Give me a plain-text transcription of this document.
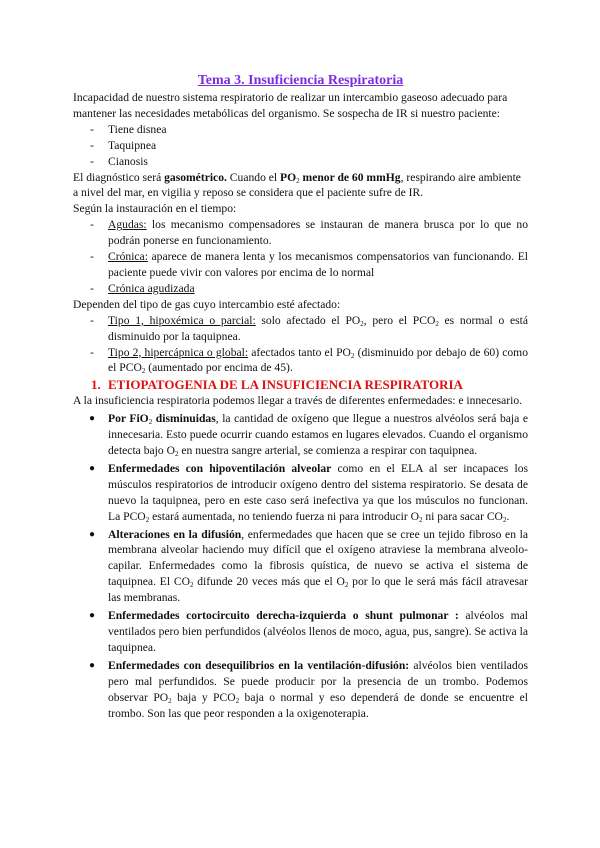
Tema 3. Insuficiencia Respiratoria
Incapacidad de nuestro sistema respiratorio de realizar un intercambio gaseoso adecuado para mantener las necesidades metabólicas del organismo. Se sospecha de IR si nuestro paciente:
- Tiene disnea
- Taquipnea
- Cianosis
El diagnóstico será gasométrico. Cuando el $PO_2$ menor de 60 mmHg, respirando aire ambiente a nivel del mar, en vigilia y reposo se considera que el paciente sufre de IR.
Según la instauración en el tiempo:
- Agudas: los mecanismo compensadores se instauran de manera brusca por lo que no podrán ponerse en funcionamiento.
- Crónica: aparece de manera lenta y los mecanismos compensatorios van funcionando. El paciente puede vivir con valores por encima de lo normal
- Crónica agudizada
Dependen del tipo de gas cuyo intercambio esté afectado:
- Tipo 1, hipoxémica o parcial: solo afectado el $PO_2$, pero el $PCO_2$ es normal o está disminuido por la taquipnea.
- Tipo 2, hipercápnica o global: afectados tanto el $PO_2$ (disminuido por debajo de 60) como el $PCO_2$ (aumentado por encima de 45).
1. ETIOPATOGENIA DE LA INSUFICIENCIA RESPIRATORIA
A la insuficiencia respiratoria podemos llegar a través de diferentes enfermedades: e innecesario.
● Por FiO$_2$ disminuidas, la cantidad de oxígeno que llegue a nuestros alvéolos será baja e innecesaria. Esto puede ocurrir cuando estamos en lugares elevados. Cuando el organismo detecta bajo $O_2$ en nuestra sangre arterial, se comienza a respirar con taquipnea.
● Enfermedades con hipoventilación alveolar como en el ELA al ser incapaces los músculos respiratorios de introducir oxígeno dentro del sistema respiratorio. Se desata de nuevo la taquipnea, pero en este caso será inefectiva ya que los músculos no funcionan. La $PCO_2$ estará aumentada, no teniendo fuerza ni para introducir $O_2$ ni para sacar $CO_2$.
● Alteraciones en la difusión, enfermedades que hacen que se cree un tejido fibroso en la membrana alveolar haciendo muy difícil que el oxígeno atraviese la membrana alveolo-capilar. Enfermedades como la fibrosis quística, de nuevo se activa el sistema de taquipnea. El $CO_2$ difunde 20 veces más que el $O_2$ por lo que le será más fácil atravesar las membranas.
● Enfermedades cortocircuito derecha-izquierda o shunt pulmonar : alvéolos mal ventilados pero bien perfundidos (alvéolos llenos de moco, agua, pus, sangre). Se activa la taquipnea.
● Enfermedades con desequilibrios en la ventilación-difusión: alvéolos bien ventilados pero mal perfundidos. Se puede producir por la presencia de un trombo. Podemos observar $PO_2$ baja y $PCO_2$ baja o normal y eso dependerá de donde se encuentre el trombo. Son las que peor responden a la oxigenoterapia.
